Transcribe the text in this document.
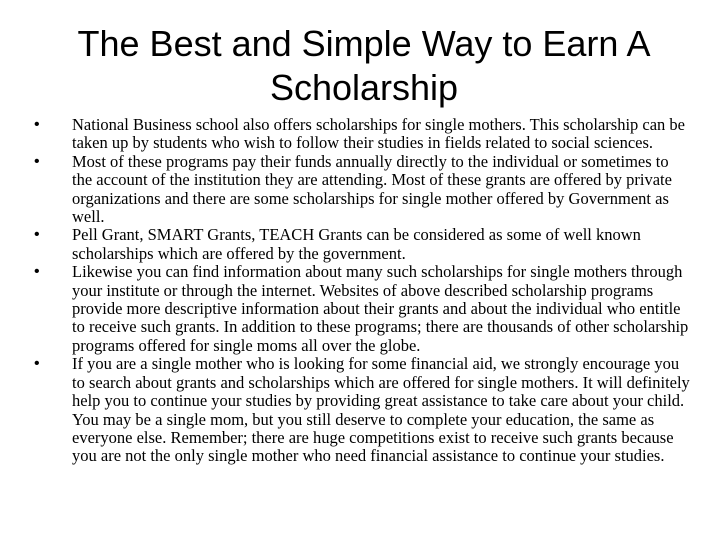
The Best and Simple Way to Earn A Scholarship
•	National Business school also offers scholarships for single mothers. This scholarship can be taken up by students who wish to follow their studies in fields related to social sciences.
•	Most of these programs pay their funds annually directly to the individual or sometimes to the account of the institution they are attending. Most of these grants are offered by private organizations and there are some scholarships for single mother offered by Government as well.
•	Pell Grant, SMART Grants, TEACH Grants can be considered as some of well known scholarships which are offered by the government.
•	Likewise you can find information about many such scholarships for single mothers through your institute or through the internet. Websites of above described scholarship programs provide more descriptive information about their grants and about the individual who entitle to receive such grants. In addition to these programs; there are thousands of other scholarship programs offered for single moms all over the globe.
•	If you are a single mother who is looking for some financial aid, we strongly encourage you to search about grants and scholarships which are offered for single mothers. It will definitely help you to continue your studies by providing great assistance to take care about your child. You may be a single mom, but you still deserve to complete your education, the same as everyone else. Remember; there are huge competitions exist to receive such grants because you are not the only single mother who need financial assistance to continue your studies.
